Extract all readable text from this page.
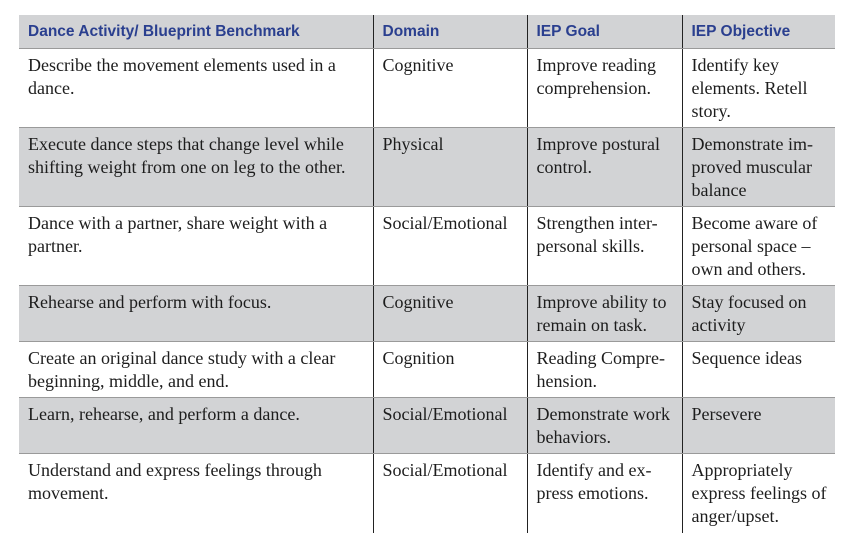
Dance Activity/ Blueprint Benchmark	Domain	IEP Goal	IEP Objective
Describe the movement elements used in a dance.	Cognitive	Improve reading comprehension.	Identify key elements. Retell story.
Execute dance steps that change level while shifting weight from one on leg to the other.	Physical	Improve postural control.	Demonstrate im-proved muscular balance
Dance with a partner, share weight with a partner.	Social/Emotional	Strengthen inter-personal skills.	Become aware of personal space – own and others.
Rehearse and perform with focus.	Cognitive	Improve ability to remain on task.	Stay focused on activity
Create an original dance study with a clear beginning, middle, and end.	Cognition	Reading Compre-hension.	Sequence ideas
Learn, rehearse, and perform a dance.	Social/Emotional	Demonstrate work behaviors.	Persevere
Understand and express feelings through movement.	Social/Emotional	Identify and ex-press emotions.	Appropriately express feelings of anger/upset.
